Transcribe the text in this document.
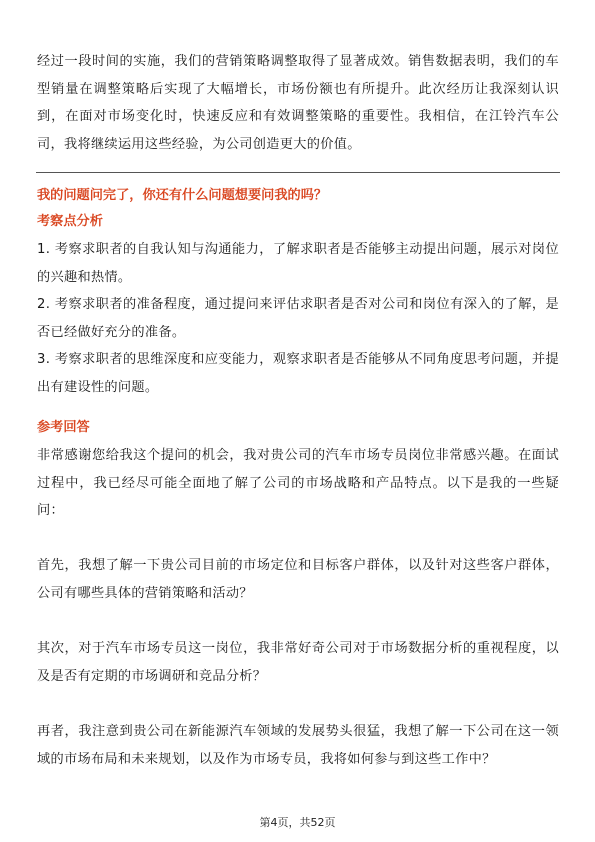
经过一段时间的实施，我们的营销策略调整取得了显著成效。销售数据表明，我们的车型销量在调整策略后实现了大幅增长，市场份额也有所提升。此次经历让我深刻认识到，在面对市场变化时，快速反应和有效调整策略的重要性。我相信，在江铃汽车公司，我将继续运用这些经验，为公司创造更大的价值。

我的问题问完了，你还有什么问题想要问我的吗？

考察点分析

1. 考察求职者的自我认知与沟通能力，了解求职者是否能够主动提出问题，展示对岗位的兴趣和热情。

2. 考察求职者的准备程度，通过提问来评估求职者是否对公司和岗位有深入的了解，是否已经做好充分的准备。

3. 考察求职者的思维深度和应变能力，观察求职者是否能够从不同角度思考问题，并提出有建设性的问题。

参考回答

非常感谢您给我这个提问的机会，我对贵公司的汽车市场专员岗位非常感兴趣。在面试过程中，我已经尽可能全面地了解了公司的市场战略和产品特点。以下是我的一些疑问：

首先，我想了解一下贵公司目前的市场定位和目标客户群体，以及针对这些客户群体，公司有哪些具体的营销策略和活动？

其次，对于汽车市场专员这一岗位，我非常好奇公司对于市场数据分析的重视程度，以及是否有定期的市场调研和竞品分析？

再者，我注意到贵公司在新能源汽车领域的发展势头很猛，我想了解一下公司在这一领域的市场布局和未来规划，以及作为市场专员，我将如何参与到这些工作中？

第4页，共52页
